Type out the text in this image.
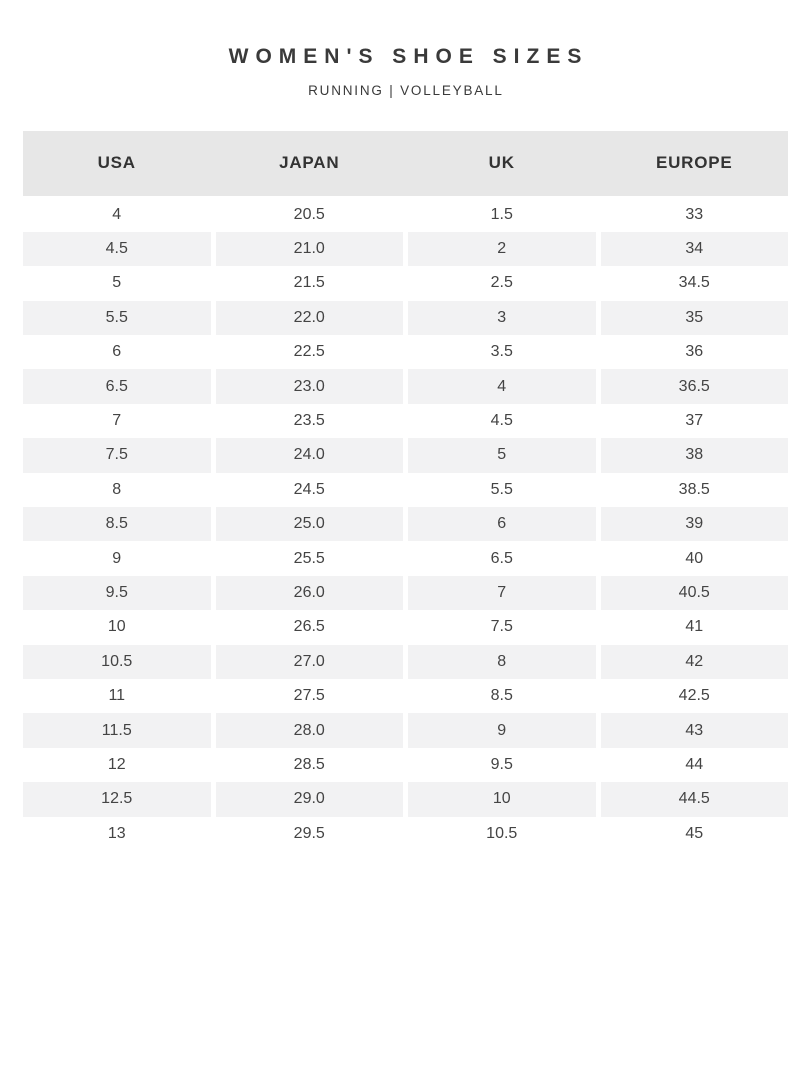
WOMEN'S SHOE SIZES
RUNNING | VOLLEYBALL
USA	JAPAN	UK	EUROPE
4	20.5	1.5	33
4.5	21.0	2	34
5	21.5	2.5	34.5
5.5	22.0	3	35
6	22.5	3.5	36
6.5	23.0	4	36.5
7	23.5	4.5	37
7.5	24.0	5	38
8	24.5	5.5	38.5
8.5	25.0	6	39
9	25.5	6.5	40
9.5	26.0	7	40.5
10	26.5	7.5	41
10.5	27.0	8	42
11	27.5	8.5	42.5
11.5	28.0	9	43
12	28.5	9.5	44
12.5	29.0	10	44.5
13	29.5	10.5	45
